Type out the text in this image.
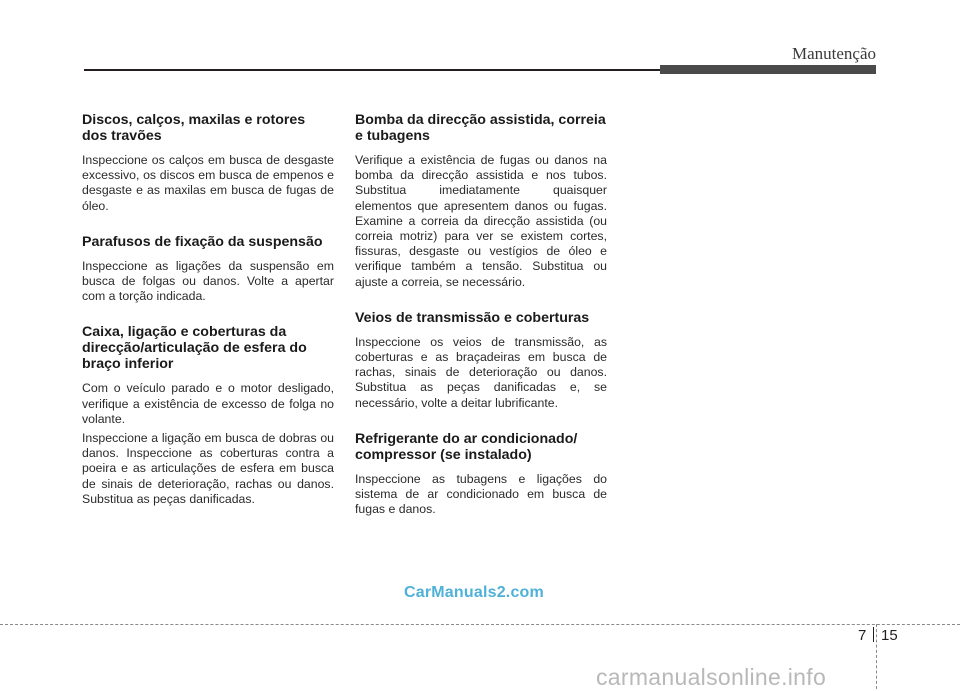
Manutenção
Discos, calços, maxilas e rotores dos travões

Inspeccione os calços em busca de desgaste excessivo, os discos em busca de empenos e desgaste e as maxilas em busca de fugas de óleo.

Parafusos de fixação da suspensão

Inspeccione as ligações da suspensão em busca de folgas ou danos. Volte a apertar com a torção indicada.

Caixa, ligação e coberturas da direcção/articulação de esfera do braço inferior

Com o veículo parado e o motor desligado, verifique a existência de excesso de folga no volante.

Inspeccione a ligação em busca de dobras ou danos. Inspeccione as coberturas contra a poeira e as articulações de esfera em busca de sinais de deterioração, rachas ou danos. Substitua as peças danificadas.

Bomba da direcção assistida, correia e tubagens

Verifique a existência de fugas ou danos na bomba da direcção assistida e nos tubos. Substitua imediatamente quaisquer elementos que apresentem danos ou fugas. Examine a correia da direcção assistida (ou correia motriz) para ver se existem cortes, fissuras, desgaste ou vestígios de óleo e verifique também a tensão. Substitua ou ajuste a correia, se necessário.

Veios de transmissão e coberturas

Inspeccione os veios de transmissão, as coberturas e as braçadeiras em busca de rachas, sinais de deterioração ou danos. Substitua as peças danificadas e, se necessário, volte a deitar lubrificante.

Refrigerante do ar condicionado/ compressor (se instalado)

Inspeccione as tubagens e ligações do sistema de ar condicionado em busca de fugas e danos.

CarManuals2.com
7 15
carmanualsonline.info
